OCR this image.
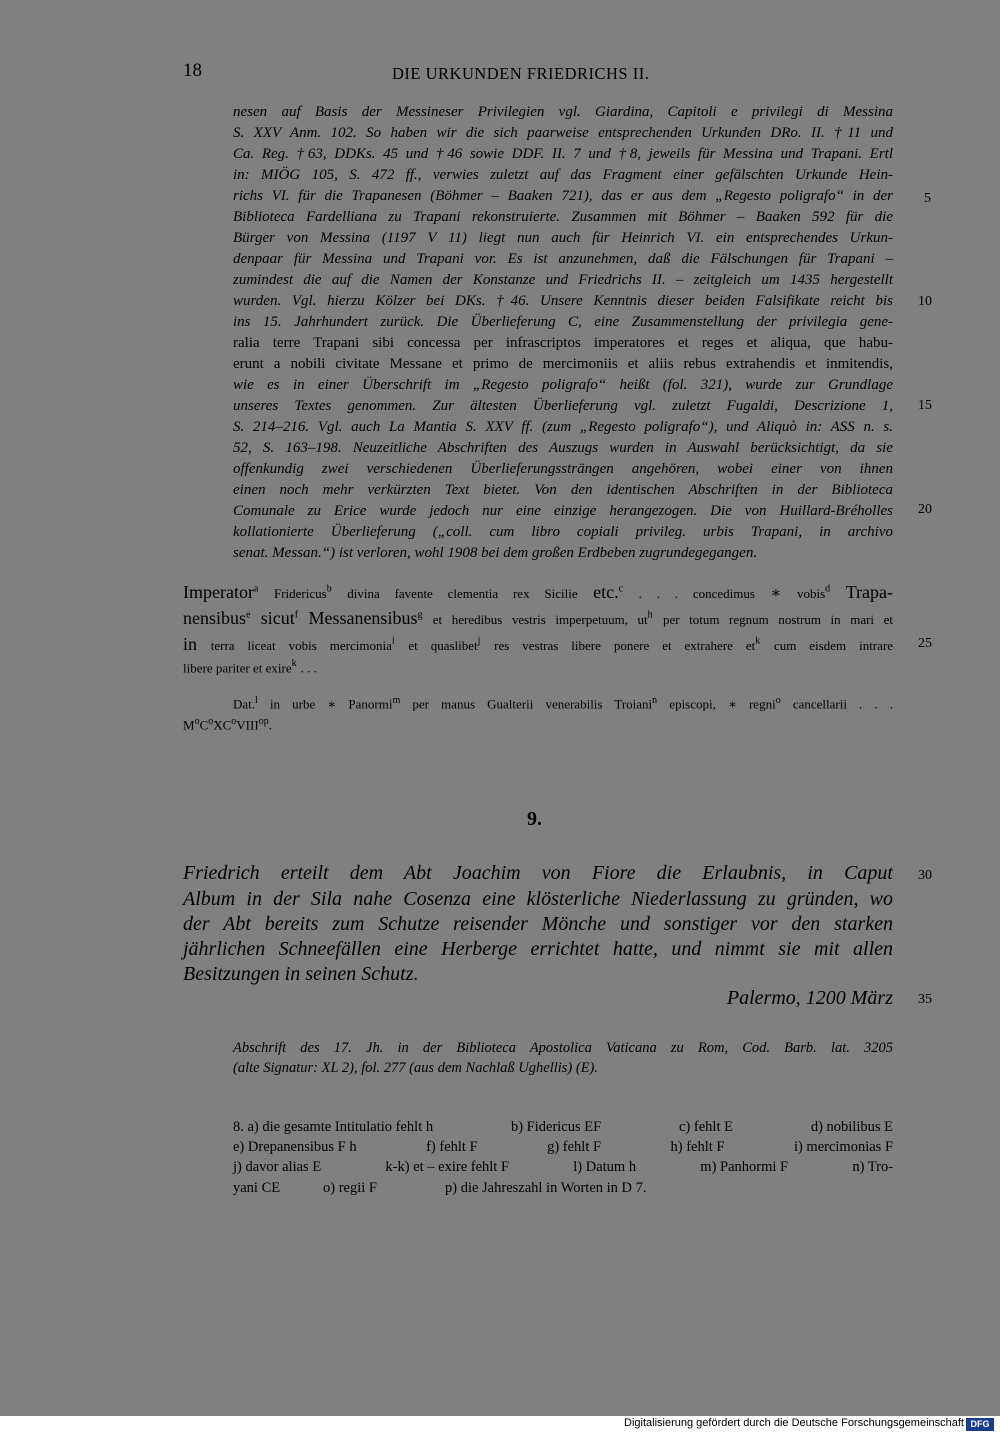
18	DIE URKUNDEN FRIEDRICHS II.
nesen auf Basis der Messineser Privilegien vgl. Giardina, Capitoli e privilegi di Messina
S. XXV Anm. 102. So haben wir die sich paarweise entsprechenden Urkunden DRo. II. †11 und
Ca. Reg. †63, DDKs. 45 und †46 sowie DDF. II. 7 und †8, jeweils für Messina und Trapani. Ertl
in: MIÖG 105, S. 472 ff., verwies zuletzt auf das Fragment einer gefälschten Urkunde Hein-
richs VI. für die Trapanesen (Böhmer – Baaken 721), das er aus dem „Regesto poligrafo“ in der
Biblioteca Fardelliana zu Trapani rekonstruierte. Zusammen mit Böhmer – Baaken 592 für die
Bürger von Messina (1197 V 11) liegt nun auch für Heinrich VI. ein entsprechendes Urkun-
denpaar für Messina und Trapani vor. Es ist anzunehmen, daß die Fälschungen für Trapani –
zumindest die auf die Namen der Konstanze und Friedrichs II. – zeitgleich um 1435 hergestellt
wurden. Vgl. hierzu Kölzer bei DKs. †46. Unsere Kenntnis dieser beiden Falsifikate reicht bis
ins 15. Jahrhundert zurück. Die Überlieferung C, eine Zusammenstellung der privilegia gene-
ralia terre Trapani sibi concessa per infrascriptos imperatores et reges et aliqua, que habu-
erunt a nobili civitate Messane et primo de mercimoniis et aliis rebus extrahendis et inmitendis,
wie es in einer Überschrift im „Regesto poligrafo“ heißt (fol. 321), wurde zur Grundlage
unseres Textes genommen. Zur ältesten Überlieferung vgl. zuletzt Fugaldi, Descrizione 1,
S. 214–216. Vgl. auch La Mantia S. XXV ff. (zum „Regesto poligrafo“), und Aliquò in: ASS n. s.
52, S. 163–198. Neuzeitliche Abschriften des Auszugs wurden in Auswahl berücksichtigt, da sie
offenkundig zwei verschiedenen Überlieferungssträngen angehören, wobei einer von ihnen
einen noch mehr verkürzten Text bietet. Von den identischen Abschriften in der Biblioteca
Comunale zu Erice wurde jedoch nur eine einzige herangezogen. Die von Huillard-Bréholles
kollationierte Überlieferung („coll. cum libro copiali privileg. urbis Trapani, in archivo
senat. Messan.“) ist verloren, wohl 1908 bei dem großen Erdbeben zugrundegegangen.
Imperator$^a$ Fridericus$^b$ divina favente clementia rex Sicilie etc.$^c$ . . . concedimus ∗ vobis$^d$ Trapa-
nensibus$^e$ sicut$^f$ Messanensibus$^g$ et heredibus vestris imperpetuum, $ut^h$ per totum regnum nostrum in mari et
in terra liceat vobis mercimonia$^i$ et quaslibet$^j$ res vestras libere ponere et extrahere $et^k$ cum eisdem intrare
libere pariter et exire$^k$ . . .
Dat.$^l$ in urbe ∗ Panormi$^m$ per manus Gualterii venerabilis Troiani$^n$ episcopi, ∗ regni$^o$ cancellarii . . .
$M^oC^oXC^oVIII^{op}$.
9.
Friedrich erteilt dem Abt Joachim von Fiore die Erlaubnis, in Caput
Album in der Sila nahe Cosenza eine klösterliche Niederlassung zu gründen, wo
der Abt bereits zum Schutze reisender Mönche und sonstiger vor den starken
jährlichen Schneefällen eine Herberge errichtet hatte, und nimmt sie mit allen
Besitzungen in seinen Schutz.
Palermo, 1200 März
Abschrift des 17. Jh. in der Biblioteca Apostolica Vaticana zu Rom, Cod. Barb. lat. 3205
(alte Signatur: XL 2), fol. 277 (aus dem Nachlaß Ughellis) (E).
8. a) die gesamte Intitulatio fehlt h	b) Fidericus EF	c) fehlt E	d) nobilibus E
e) Drepanensibus F h	f) fehlt F	g) fehlt F	h) fehlt F	i) mercimonias F
j) davor alias E	k-k) et – exire fehlt F	l) Datum h	m) Panhormi F	n) Tro-
yani CE	o) regii F	p) die Jahreszahl in Worten in D 7.
5
10
15
20
25
30
35
Digitalisierung gefördert durch die Deutsche Forschungsgemeinschaft DFG
